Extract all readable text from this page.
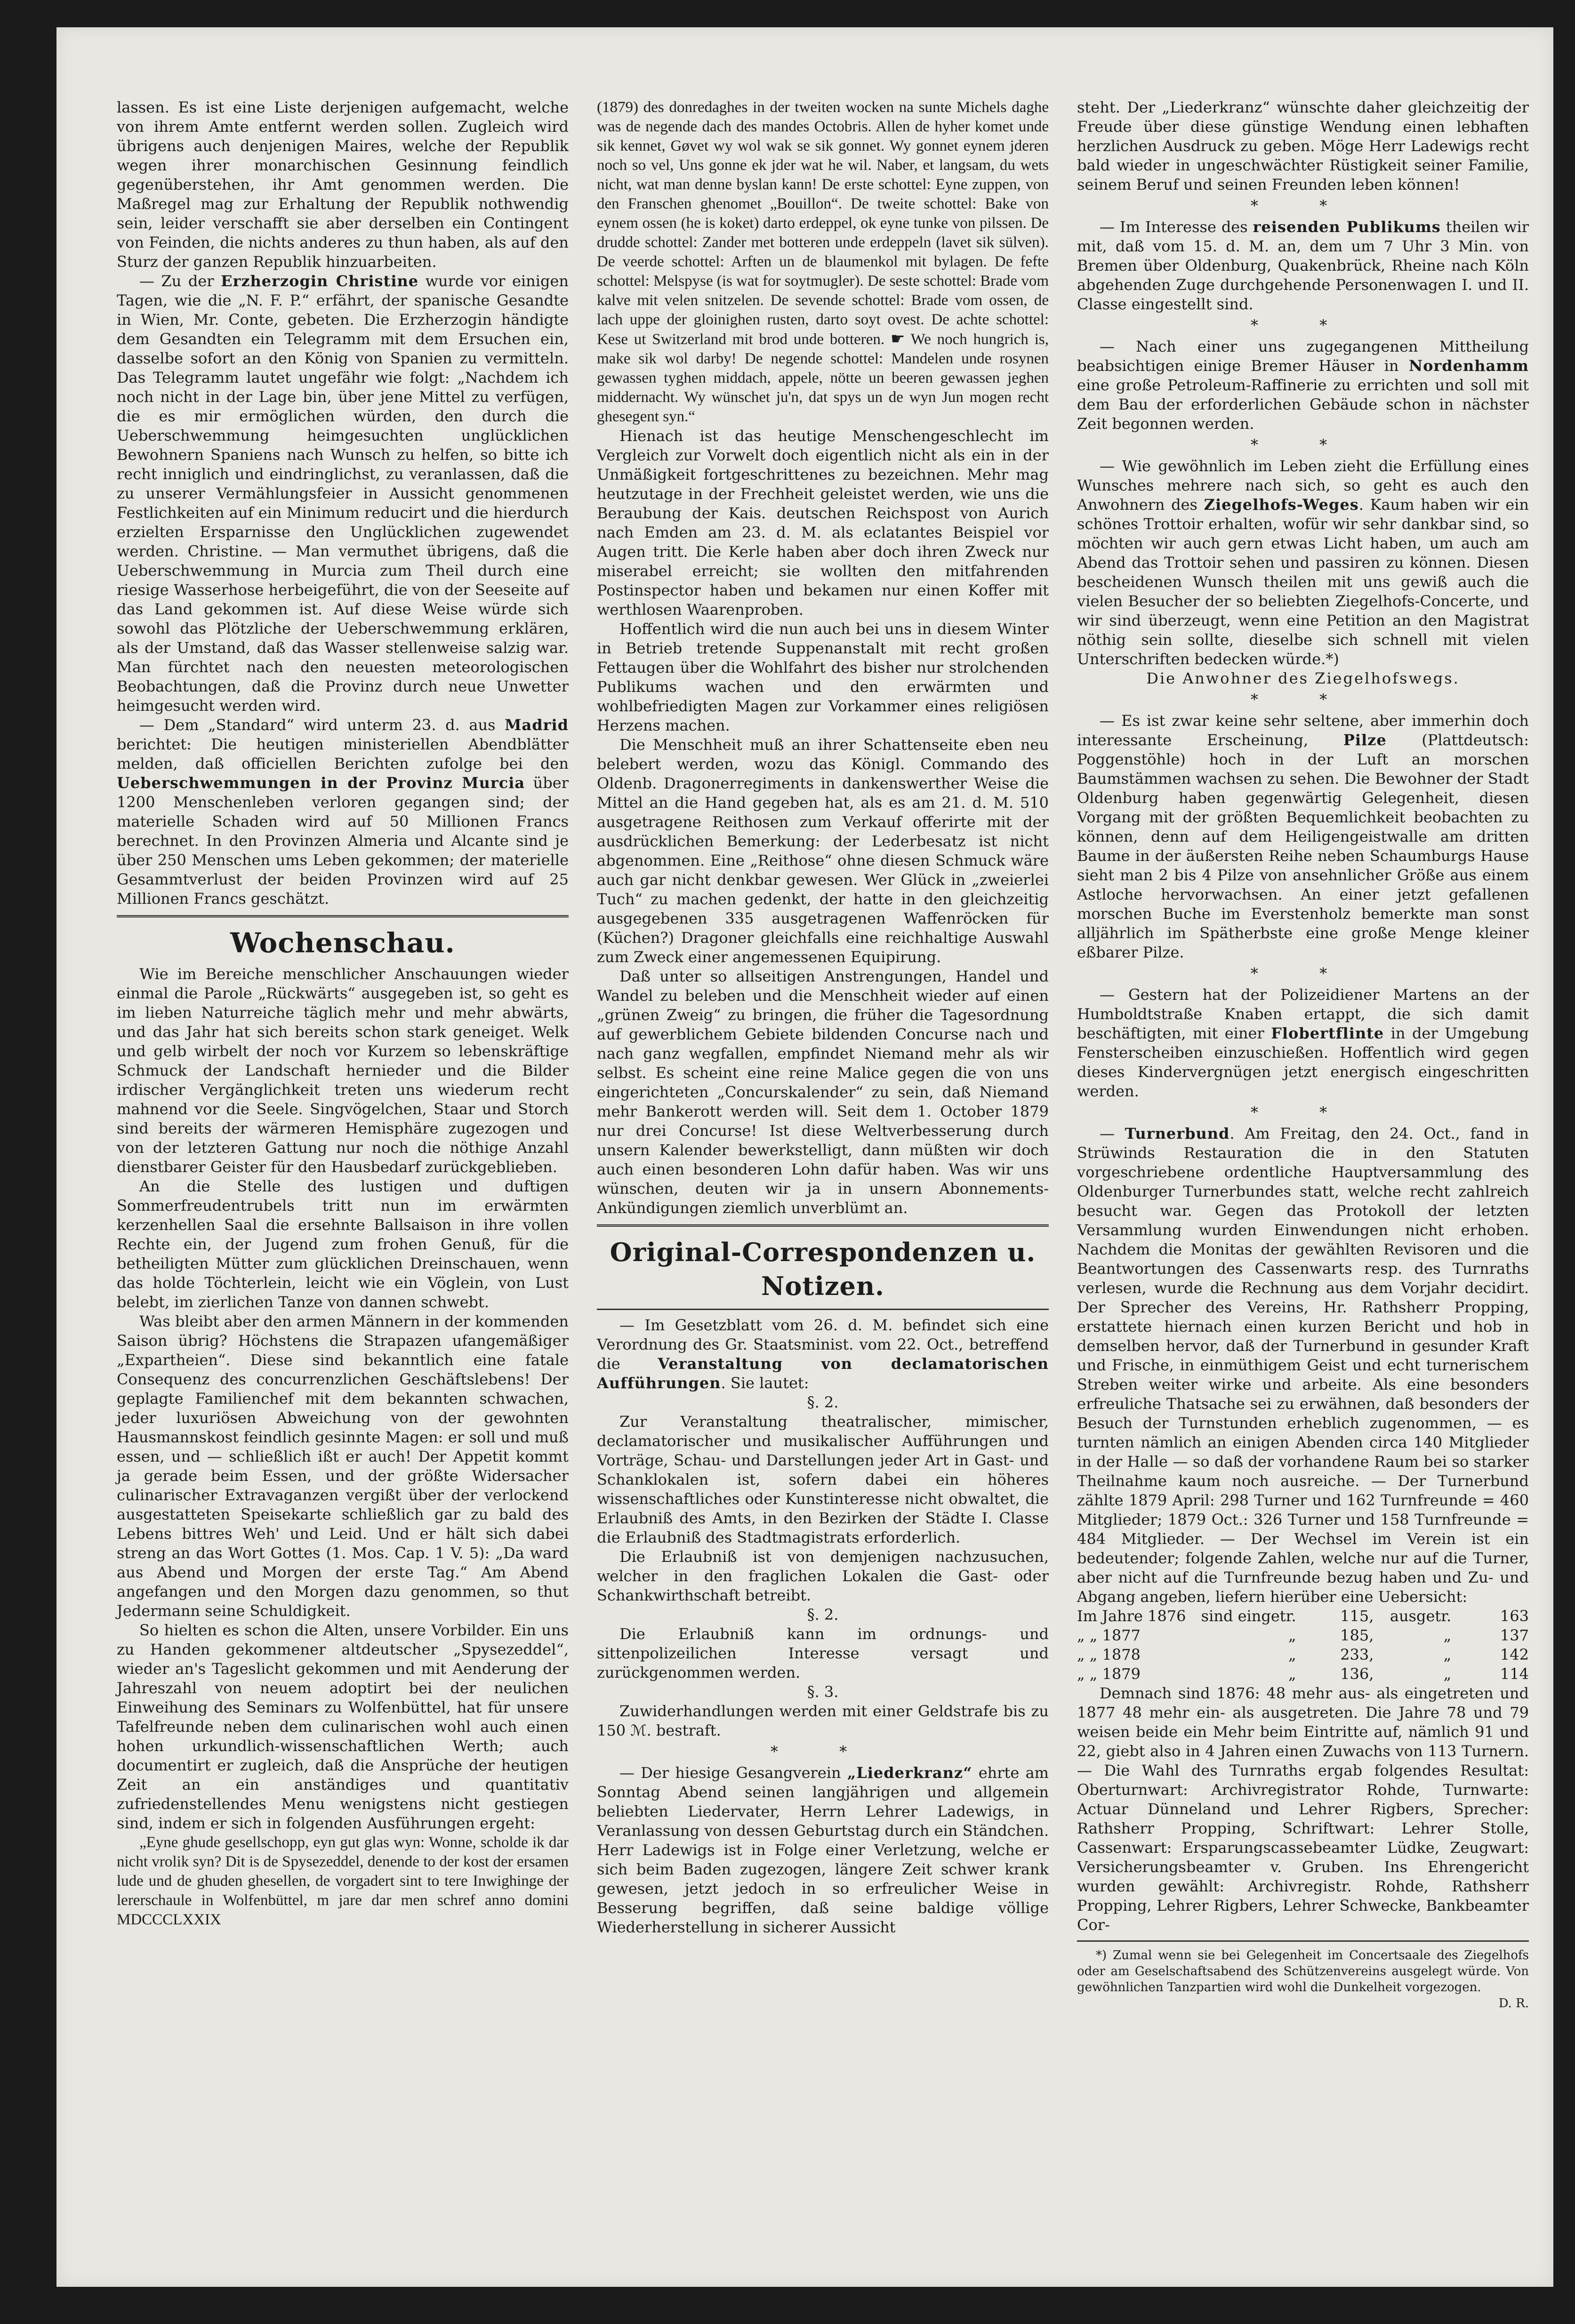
lassen. Es ist eine Liste derjenigen aufgemacht, welche von ihrem Amte entfernt werden sollen. Zugleich wird übrigens auch denjenigen Maires, welche der Republik wegen ihrer monarchischen Gesinnung feindlich gegenüberstehen, ihr Amt genommen werden. Die Maßregel mag zur Erhaltung der Republik nothwendig sein, leider verschafft sie aber derselben ein Contingent von Feinden, die nichts anderes zu thun haben, als auf den Sturz der ganzen Republik hinzuarbeiten.

— Zu der Erzherzogin Christine wurde vor einigen Tagen, wie die „N. F. P.“ erfährt, der spanische Gesandte in Wien, Mr. Conte, gebeten. Die Erzherzogin händigte dem Gesandten ein Telegramm mit dem Ersuchen ein, dasselbe sofort an den König von Spanien zu vermitteln. Das Telegramm lautet ungefähr wie folgt: „Nachdem ich noch nicht in der Lage bin, über jene Mittel zu verfügen, die es mir ermöglichen würden, den durch die Ueberschwemmung heimgesuchten unglücklichen Bewohnern Spaniens nach Wunsch zu helfen, so bitte ich recht inniglich und eindringlichst, zu veranlassen, daß die zu unserer Vermählungsfeier in Aussicht genommenen Festlichkeiten auf ein Minimum reducirt und die hierdurch erzielten Ersparnisse den Unglücklichen zugewendet werden. Christine. — Man vermuthet übrigens, daß die Ueberschwemmung in Murcia zum Theil durch eine riesige Wasserhose herbeigeführt, die von der Seeseite auf das Land gekommen ist. Auf diese Weise würde sich sowohl das Plötzliche der Ueberschwemmung erklären, als der Umstand, daß das Wasser stellenweise salzig war. Man fürchtet nach den neuesten meteorologischen Beobachtungen, daß die Provinz durch neue Unwetter heimgesucht werden wird.

— Dem „Standard“ wird unterm 23. d. aus Madrid berichtet: Die heutigen ministeriellen Abendblätter melden, daß officiellen Berichten zufolge bei den Ueberschwemmungen in der Provinz Murcia über 1200 Menschenleben verloren gegangen sind; der materielle Schaden wird auf 50 Millionen Francs berechnet. In den Provinzen Almeria und Alcante sind je über 250 Menschen ums Leben gekommen; der materielle Gesammtverlust der beiden Provinzen wird auf 25 Millionen Francs geschätzt.

Wochenschau.

Wie im Bereiche menschlicher Anschauungen wieder einmal die Parole „Rückwärts“ ausgegeben ist, so geht es im lieben Naturreiche täglich mehr und mehr abwärts, und das Jahr hat sich bereits schon stark geneiget. Welk und gelb wirbelt der noch vor Kurzem so lebenskräftige Schmuck der Landschaft hernieder und die Bilder irdischer Vergänglichkeit treten uns wiederum recht mahnend vor die Seele. Singvögelchen, Staar und Storch sind bereits der wärmeren Hemisphäre zugezogen und von der letzteren Gattung nur noch die nöthige Anzahl dienstbarer Geister für den Hausbedarf zurückgeblieben.

An die Stelle des lustigen und duftigen Sommerfreudentrubels tritt nun im erwärmten kerzenhellen Saal die ersehnte Ballsaison in ihre vollen Rechte ein, der Jugend zum frohen Genuß, für die betheiligten Mütter zum glücklichen Dreinschauen, wenn das holde Töchterlein, leicht wie ein Vöglein, von Lust belebt, im zierlichen Tanze von dannen schwebt.

Was bleibt aber den armen Männern in der kommenden Saison übrig? Höchstens die Strapazen ufangemäßiger „Expartheien“. Diese sind bekanntlich eine fatale Consequenz des concurrenzlichen Geschäftslebens! Der geplagte Familienchef mit dem bekannten schwachen, jeder luxuriösen Abweichung von der gewohnten Hausmannskost feindlich gesinnte Magen: er soll und muß essen, und — schließlich ißt er auch! Der Appetit kommt ja gerade beim Essen, und der größte Widersacher culinarischer Extravaganzen vergißt über der verlockend ausgestatteten Speisekarte schließlich gar zu bald des Lebens bittres Weh' und Leid. Und er hält sich dabei streng an das Wort Gottes (1. Mos. Cap. 1 V. 5): „Da ward aus Abend und Morgen der erste Tag.“ Am Abend angefangen und den Morgen dazu genommen, so thut Jedermann seine Schuldigkeit.

So hielten es schon die Alten, unsere Vorbilder. Ein uns zu Handen gekommener altdeutscher „Spysezeddel“, wieder an's Tageslicht gekommen und mit Aenderung der Jahreszahl von neuem adoptirt bei der neulichen Einweihung des Seminars zu Wolfenbüttel, hat für unsere Tafelfreunde neben dem culinarischen wohl auch einen hohen urkundlich-wissenschaftlichen Werth; auch documentirt er zugleich, daß die Ansprüche der heutigen Zeit an ein anständiges und quantitativ zufriedenstellendes Menu wenigstens nicht gestiegen sind, indem er sich in folgenden Ausführungen ergeht:

„Eyne ghude gesellschopp, eyn gut glas wyn: Wonne, scholde ik dar nicht vrolik syn? Dit is de Spysezeddel, denende to der kost der ersamen lude und de ghuden ghesellen, de vorgadert sint to tere Inwighinge der lererschaule in Wolfenbüttel, m jare dar men schref anno domini MDCCCLXXIX

(1879) des donredaghes in der tweiten wocken na sunte Michels daghe was de negende dach des mandes Octobris. Allen de hyher komet unde sik kennet, Gøvet wy wol wak se sik gonnet. Wy gonnet eynem jderen noch so vel, Uns gonne ek jder wat he wil. Naber, et langsam, du wets nicht, wat man denne byslan kann! De erste schottel: Eyne zuppen, von den Franschen ghenomet „Bouillon“. De tweite schottel: Bake von eynem ossen (he is koket) darto erdeppel, ok eyne tunke von pilssen. De drudde schottel: Zander met botteren unde erdeppeln (lavet sik sülven). De veerde schottel: Arften un de blaumenkol mit bylagen. De fefte schottel: Melspyse (is wat for soytmugler). De seste schottel: Brade vom kalve mit velen snitzelen. De sevende schottel: Brade vom ossen, de lach uppe der gloinighen rusten, darto soyt ovest. De achte schottel: Kese ut Switzerland mit brod unde botteren. ☛ We noch hungrich is, make sik wol darby! De negende schottel: Mandelen unde rosynen gewassen tyghen middach, appele, nötte un beeren gewassen jeghen middernacht. Wy wünschet ju'n, dat spys un de wyn Jun mogen recht ghesegent syn.“

Hienach ist das heutige Menschengeschlecht im Vergleich zur Vorwelt doch eigentlich nicht als ein in der Unmäßigkeit fortgeschrittenes zu bezeichnen. Mehr mag heutzutage in der Frechheit geleistet werden, wie uns die Beraubung der Kais. deutschen Reichspost von Aurich nach Emden am 23. d. M. als eclatantes Beispiel vor Augen tritt. Die Kerle haben aber doch ihren Zweck nur miserabel erreicht; sie wollten den mitfahrenden Postinspector haben und bekamen nur einen Koffer mit werthlosen Waarenproben.

Hoffentlich wird die nun auch bei uns in diesem Winter in Betrieb tretende Suppenanstalt mit recht großen Fettaugen über die Wohlfahrt des bisher nur strolchenden Publikums wachen und den erwärmten und wohlbefriedigten Magen zur Vorkammer eines religiösen Herzens machen.

Die Menschheit muß an ihrer Schattenseite eben neu belebert werden, wozu das Königl. Commando des Oldenb. Dragonerregiments in dankenswerther Weise die Mittel an die Hand gegeben hat, als es am 21. d. M. 510 ausgetragene Reithosen zum Verkauf offerirte mit der ausdrücklichen Bemerkung: der Lederbesatz ist nicht abgenommen. Eine „Reithose“ ohne diesen Schmuck wäre auch gar nicht denkbar gewesen. Wer Glück in „zweierlei Tuch“ zu machen gedenkt, der hatte in den gleichzeitig ausgegebenen 335 ausgetragenen Waffenröcken für (Küchen?) Dragoner gleichfalls eine reichhaltige Auswahl zum Zweck einer angemessenen Equipirung.

Daß unter so allseitigen Anstrengungen, Handel und Wandel zu beleben und die Menschheit wieder auf einen „grünen Zweig“ zu bringen, die früher die Tagesordnung auf gewerblichem Gebiete bildenden Concurse nach und nach ganz wegfallen, empfindet Niemand mehr als wir selbst. Es scheint eine reine Malice gegen die von uns eingerichteten „Concurskalender“ zu sein, daß Niemand mehr Bankerott werden will. Seit dem 1. October 1879 nur drei Concurse! Ist diese Weltverbesserung durch unsern Kalender bewerkstelligt, dann müßten wir doch auch einen besonderen Lohn dafür haben. Was wir uns wünschen, deuten wir ja in unsern Abonnements-Ankündigungen ziemlich unverblümt an.

Original-Correspondenzen u. Notizen.

— Im Gesetzblatt vom 26. d. M. befindet sich eine Verordnung des Gr. Staatsminist. vom 22. Oct., betreffend die Veranstaltung von declamatorischen Aufführungen. Sie lautet:

§. 2.

Zur Veranstaltung theatralischer, mimischer, declamatorischer und musikalischer Aufführungen und Vorträge, Schau- und Darstellungen jeder Art in Gast- und Schanklokalen ist, sofern dabei ein höheres wissenschaftliches oder Kunstinteresse nicht obwaltet, die Erlaubniß des Amts, in den Bezirken der Städte I. Classe die Erlaubniß des Stadtmagistrats erforderlich.

Die Erlaubniß ist von demjenigen nachzusuchen, welcher in den fraglichen Lokalen die Gast- oder Schankwirthschaft betreibt.

§. 2.

Die Erlaubniß kann im ordnungs- und sittenpolizeilichen Interesse versagt und zurückgenommen werden.

§. 3.

Zuwiderhandlungen werden mit einer Geldstrafe bis zu 150 ℳ. bestraft.

* *

— Der hiesige Gesangverein „Liederkranz“ ehrte am Sonntag Abend seinen langjährigen und allgemein beliebten Liedervater, Herrn Lehrer Ladewigs, in Veranlassung von dessen Geburtstag durch ein Ständchen. Herr Ladewigs ist in Folge einer Verletzung, welche er sich beim Baden zugezogen, längere Zeit schwer krank gewesen, jetzt jedoch in so erfreulicher Weise in Besserung begriffen, daß seine baldige völlige Wiederherstellung in sicherer Aussicht

steht. Der „Liederkranz“ wünschte daher gleichzeitig der Freude über diese günstige Wendung einen lebhaften herzlichen Ausdruck zu geben. Möge Herr Ladewigs recht bald wieder in ungeschwächter Rüstigkeit seiner Familie, seinem Beruf und seinen Freunden leben können!

* *

— Im Interesse des reisenden Publikums theilen wir mit, daß vom 15. d. M. an, dem um 7 Uhr 3 Min. von Bremen über Oldenburg, Quakenbrück, Rheine nach Köln abgehenden Zuge durchgehende Personenwagen I. und II. Classe eingestellt sind.

* *

— Nach einer uns zugegangenen Mittheilung beabsichtigen einige Bremer Häuser in Nordenhamm eine große Petroleum-Raffinerie zu errichten und soll mit dem Bau der erforderlichen Gebäude schon in nächster Zeit begonnen werden.

* *

— Wie gewöhnlich im Leben zieht die Erfüllung eines Wunsches mehrere nach sich, so geht es auch den Anwohnern des Ziegelhofs-Weges. Kaum haben wir ein schönes Trottoir erhalten, wofür wir sehr dankbar sind, so möchten wir auch gern etwas Licht haben, um auch am Abend das Trottoir sehen und passiren zu können. Diesen bescheidenen Wunsch theilen mit uns gewiß auch die vielen Besucher der so beliebten Ziegelhofs-Concerte, und wir sind überzeugt, wenn eine Petition an den Magistrat nöthig sein sollte, dieselbe sich schnell mit vielen Unterschriften bedecken würde.*)

Die Anwohner des Ziegelhofswegs.

* *

— Es ist zwar keine sehr seltene, aber immerhin doch interessante Erscheinung, Pilze (Plattdeutsch: Poggenstöhle) hoch in der Luft an morschen Baumstämmen wachsen zu sehen. Die Bewohner der Stadt Oldenburg haben gegenwärtig Gelegenheit, diesen Vorgang mit der größten Bequemlichkeit beobachten zu können, denn auf dem Heiligengeistwalle am dritten Baume in der äußersten Reihe neben Schaumburgs Hause sieht man 2 bis 4 Pilze von ansehnlicher Größe aus einem Astloche hervorwachsen. An einer jetzt gefallenen morschen Buche im Everstenholz bemerkte man sonst alljährlich im Spätherbste eine große Menge kleiner eßbarer Pilze.

* *

— Gestern hat der Polizeidiener Martens an der Humboldtstraße Knaben ertappt, die sich damit beschäftigten, mit einer Flobertflinte in der Umgebung Fensterscheiben einzuschießen. Hoffentlich wird gegen dieses Kindervergnügen jetzt energisch eingeschritten werden.

* *

— Turnerbund. Am Freitag, den 24. Oct., fand in Strüwinds Restauration die in den Statuten vorgeschriebene ordentliche Hauptversammlung des Oldenburger Turnerbundes statt, welche recht zahlreich besucht war. Gegen das Protokoll der letzten Versammlung wurden Einwendungen nicht erhoben. Nachdem die Monitas der gewählten Revisoren und die Beantwortungen des Cassenwarts resp. des Turnraths verlesen, wurde die Rechnung aus dem Vorjahr decidirt. Der Sprecher des Vereins, Hr. Rathsherr Propping, erstattete hiernach einen kurzen Bericht und hob in demselben hervor, daß der Turnerbund in gesunder Kraft und Frische, in einmüthigem Geist und echt turnerischem Streben weiter wirke und arbeite. Als eine besonders erfreuliche Thatsache sei zu erwähnen, daß besonders der Besuch der Turnstunden erheblich zugenommen, — es turnten nämlich an einigen Abenden circa 140 Mitglieder in der Halle — so daß der vorhandene Raum bei so starker Theilnahme kaum noch ausreiche. — Der Turnerbund zählte 1879 April: 298 Turner und 162 Turnfreunde = 460 Mitglieder; 1879 Oct.: 326 Turner und 158 Turnfreunde = 484 Mitglieder. — Der Wechsel im Verein ist ein bedeutender; folgende Zahlen, welche nur auf die Turner, aber nicht auf die Turnfreunde bezug haben und Zu- und Abgang angeben, liefern hierüber eine Uebersicht:

Im Jahre 1876	sind eingetr.	115,	ausgetr.	163
„ „ 1877	„	185,	„	137
„ „ 1878	„	233,	„	142
„ „ 1879	„	136,	„	114

Demnach sind 1876: 48 mehr aus- als eingetreten und 1877 48 mehr ein- als ausgetreten. Die Jahre 78 und 79 weisen beide ein Mehr beim Eintritte auf, nämlich 91 und 22, giebt also in 4 Jahren einen Zuwachs von 113 Turnern. — Die Wahl des Turnraths ergab folgendes Resultat: Oberturnwart: Archivregistrator Rohde, Turnwarte: Actuar Dünneland und Lehrer Rigbers, Sprecher: Rathsherr Propping, Schriftwart: Lehrer Stolle, Cassenwart: Ersparungscassebeamter Lüdke, Zeugwart: Versicherungsbeamter v. Gruben. Ins Ehrengericht wurden gewählt: Archivregistr. Rohde, Rathsherr Propping, Lehrer Rigbers, Lehrer Schwecke, Bankbeamter Cor-

*) Zumal wenn sie bei Gelegenheit im Concertsaale des Ziegelhofs oder am Geselschaftsabend des Schützenvereins ausgelegt würde. Von gewöhnlichen Tanzpartien wird wohl die Dunkelheit vorgezogen.

D. R.
